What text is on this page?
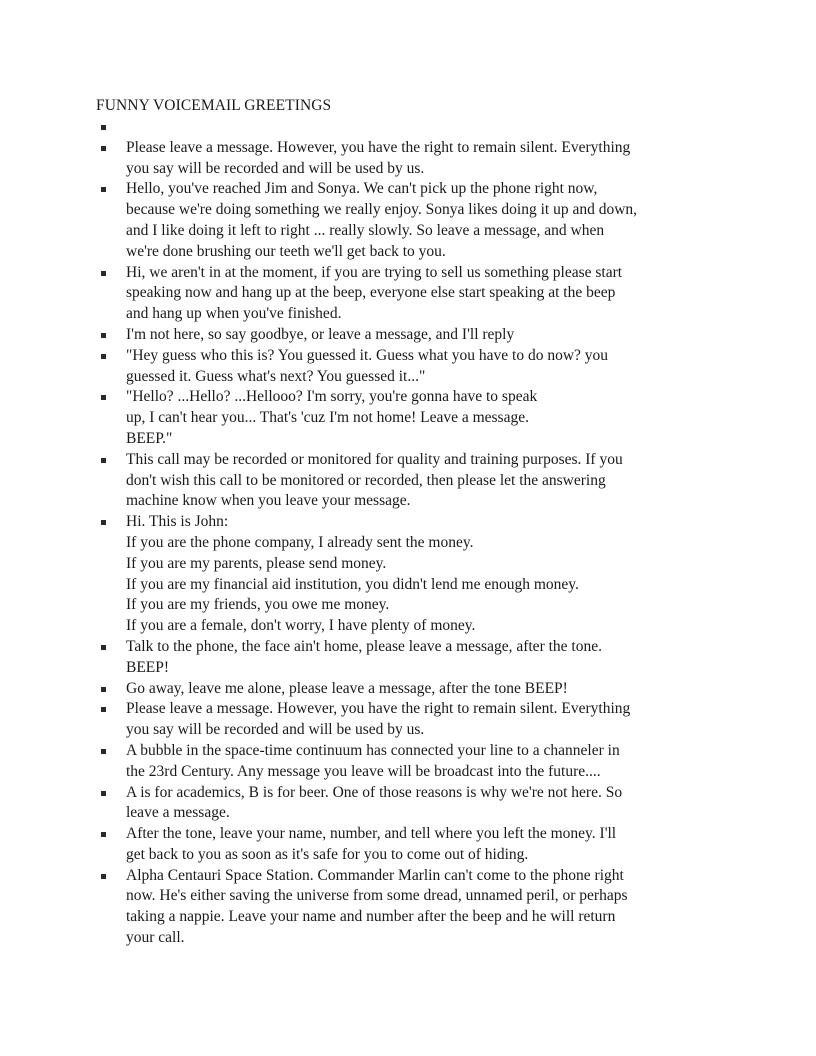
FUNNY VOICEMAIL GREETINGS

Please leave a message. However, you have the right to remain silent. Everything
you say will be recorded and will be used by us.
Hello, you've reached Jim and Sonya. We can't pick up the phone right now,
because we're doing something we really enjoy. Sonya likes doing it up and down,
and I like doing it left to right ... really slowly. So leave a message, and when
we're done brushing our teeth we'll get back to you.
Hi, we aren't in at the moment, if you are trying to sell us something please start
speaking now and hang up at the beep, everyone else start speaking at the beep
and hang up when you've finished.
I'm not here, so say goodbye, or leave a message, and I'll reply
"Hey guess who this is? You guessed it. Guess what you have to do now? you
guessed it. Guess what's next? You guessed it..."
"Hello? ...Hello? ...Hellooo? I'm sorry, you're gonna have to speak
up, I can't hear you... That's 'cuz I'm not home! Leave a message.
BEEP."
This call may be recorded or monitored for quality and training purposes. If you
don't wish this call to be monitored or recorded, then please let the answering
machine know when you leave your message.
Hi. This is John:
If you are the phone company, I already sent the money.
If you are my parents, please send money.
If you are my financial aid institution, you didn't lend me enough money.
If you are my friends, you owe me money.
If you are a female, don't worry, I have plenty of money.
Talk to the phone, the face ain't home, please leave a message, after the tone.
BEEP!
Go away, leave me alone, please leave a message, after the tone BEEP!
Please leave a message. However, you have the right to remain silent. Everything
you say will be recorded and will be used by us.
A bubble in the space-time continuum has connected your line to a channeler in
the 23rd Century. Any message you leave will be broadcast into the future....
A is for academics, B is for beer. One of those reasons is why we're not here. So
leave a message.
After the tone, leave your name, number, and tell where you left the money. I'll
get back to you as soon as it's safe for you to come out of hiding.
Alpha Centauri Space Station. Commander Marlin can't come to the phone right
now. He's either saving the universe from some dread, unnamed peril, or perhaps
taking a nappie. Leave your name and number after the beep and he will return
your call.
